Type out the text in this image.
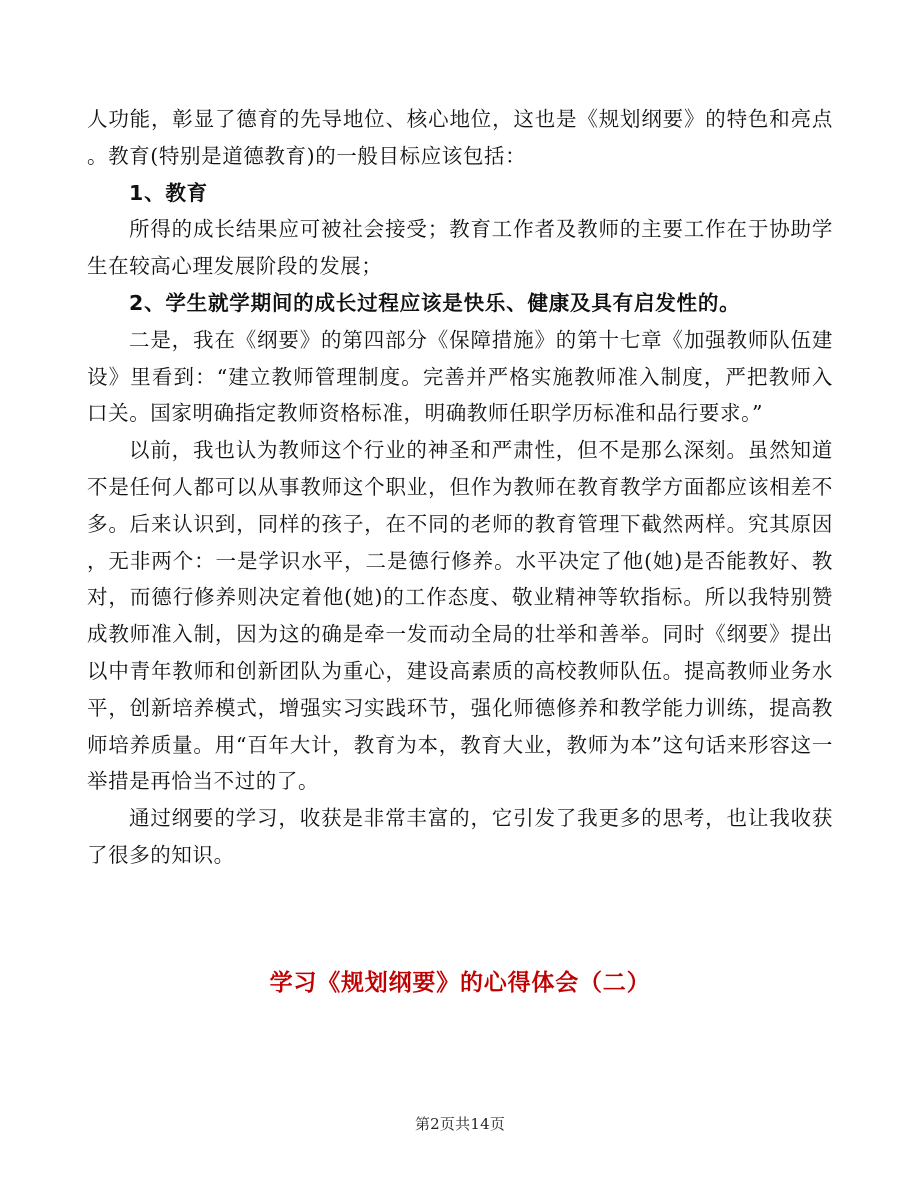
人功能，彰显了德育的先导地位、核心地位，这也是《规划纲要》的特色和亮点。教育(特别是道德教育)的一般目标应该包括：

1、教育

所得的成长结果应可被社会接受；教育工作者及教师的主要工作在于协助学生在较高心理发展阶段的发展；

2、学生就学期间的成长过程应该是快乐、健康及具有启发性的。

二是，我在《纲要》的第四部分《保障措施》的第十七章《加强教师队伍建设》里看到：“建立教师管理制度。完善并严格实施教师准入制度，严把教师入口关。国家明确指定教师资格标准，明确教师任职学历标准和品行要求。”

以前，我也认为教师这个行业的神圣和严肃性，但不是那么深刻。虽然知道不是任何人都可以从事教师这个职业，但作为教师在教育教学方面都应该相差不多。后来认识到，同样的孩子，在不同的老师的教育管理下截然两样。究其原因，无非两个：一是学识水平，二是德行修养。水平决定了他(她)是否能教好、教对，而德行修养则决定着他(她)的工作态度、敬业精神等软指标。所以我特别赞成教师准入制，因为这的确是牵一发而动全局的壮举和善举。同时《纲要》提出以中青年教师和创新团队为重心，建设高素质的高校教师队伍。提高教师业务水平，创新培养模式，增强实习实践环节，强化师德修养和教学能力训练，提高教师培养质量。用“百年大计，教育为本，教育大业，教师为本”这句话来形容这一举措是再恰当不过的了。

通过纲要的学习，收获是非常丰富的，它引发了我更多的思考，也让我收获了很多的知识。

学习《规划纲要》的心得体会（二）
第2页共14页
